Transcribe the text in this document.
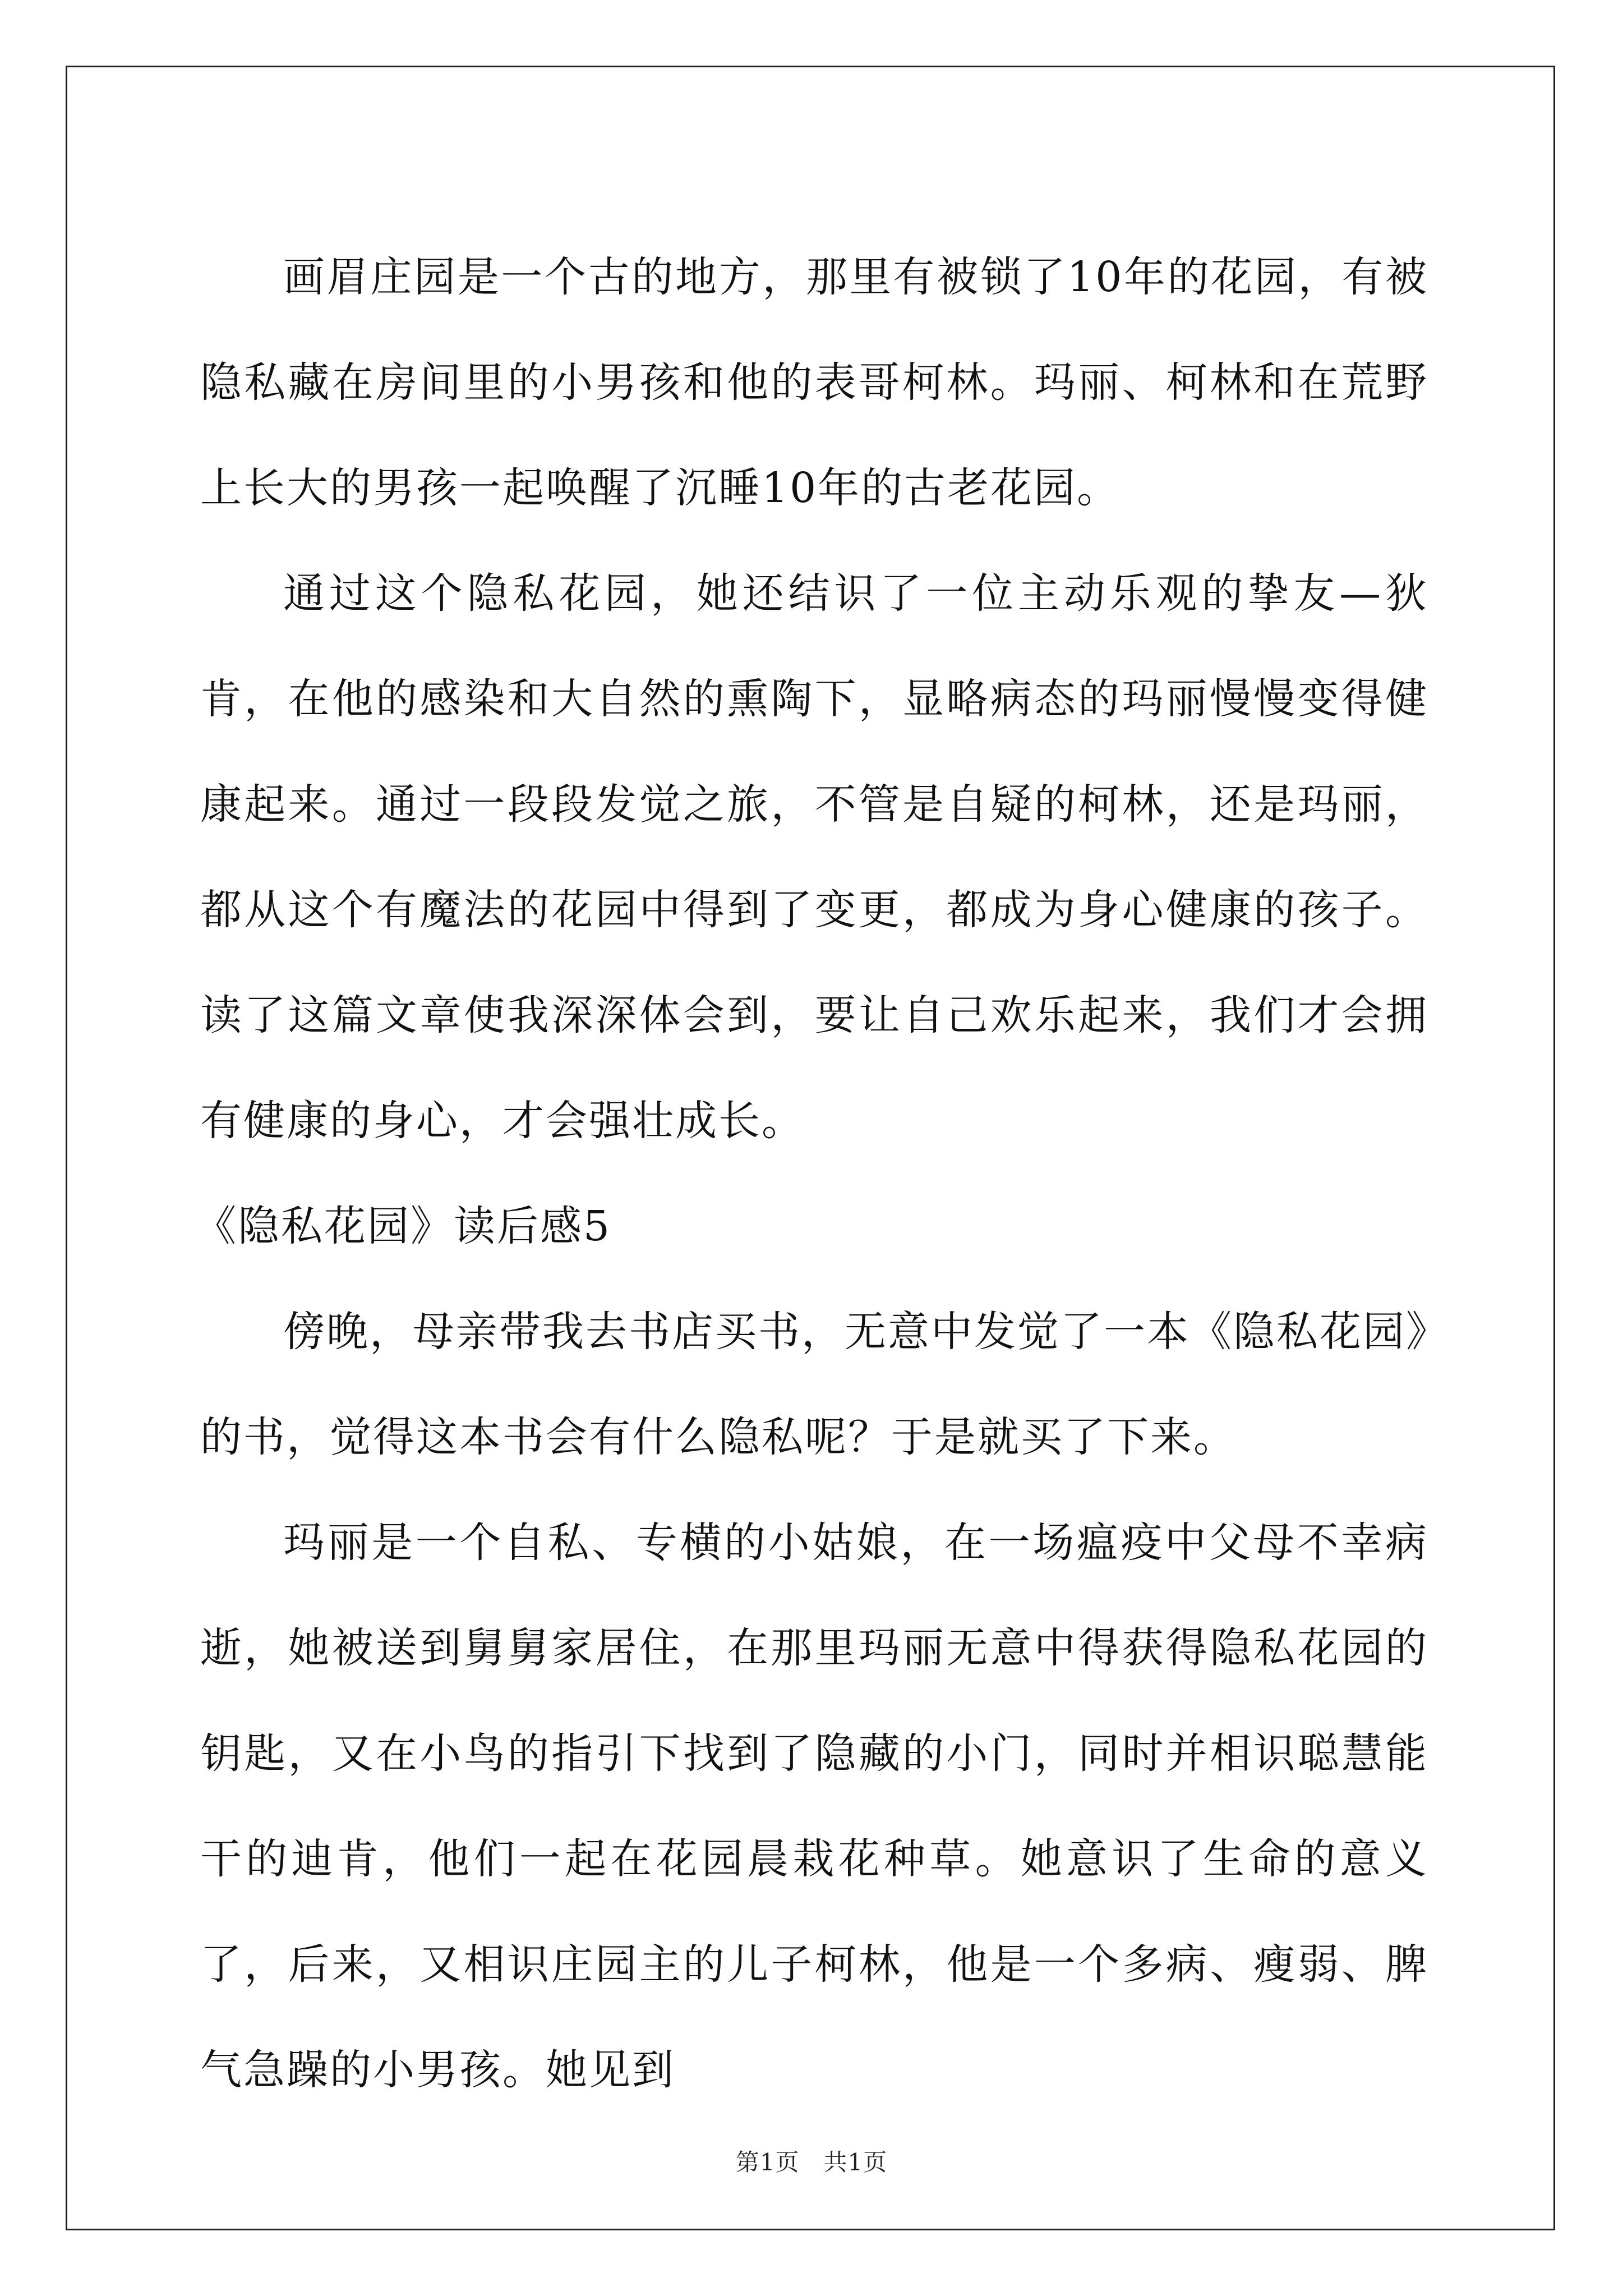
画眉庄园是一个古的地方，那里有被锁了10年的花园，有被隐私藏在房间里的小男孩和他的表哥柯林。玛丽、柯林和在荒野上长大的男孩一起唤醒了沉睡10年的古老花园。

通过这个隐私花园，她还结识了一位主动乐观的挚友—狄肯，在他的感染和大自然的熏陶下，显略病态的玛丽慢慢变得健康起来。通过一段段发觉之旅，不管是自疑的柯林，还是玛丽，都从这个有魔法的花园中得到了变更，都成为身心健康的孩子。 读了这篇文章使我深深体会到，要让自己欢乐起来，我们才会拥有健康的身心，才会强壮成长。

《隐私花园》读后感5

傍晚，母亲带我去书店买书，无意中发觉了一本《隐私花园》的书，觉得这本书会有什么隐私呢？于是就买了下来。

玛丽是一个自私、专横的小姑娘，在一场瘟疫中父母不幸病逝，她被送到舅舅家居住，在那里玛丽无意中得获得隐私花园的钥匙，又在小鸟的指引下找到了隐藏的小门，同时并相识聪慧能干的迪肯，他们一起在花园晨栽花种草。她意识了生命的意义了，后来，又相识庄园主的儿子柯林，他是一个多病、瘦弱、脾气急躁的小男孩。她见到

第1页　共1页
